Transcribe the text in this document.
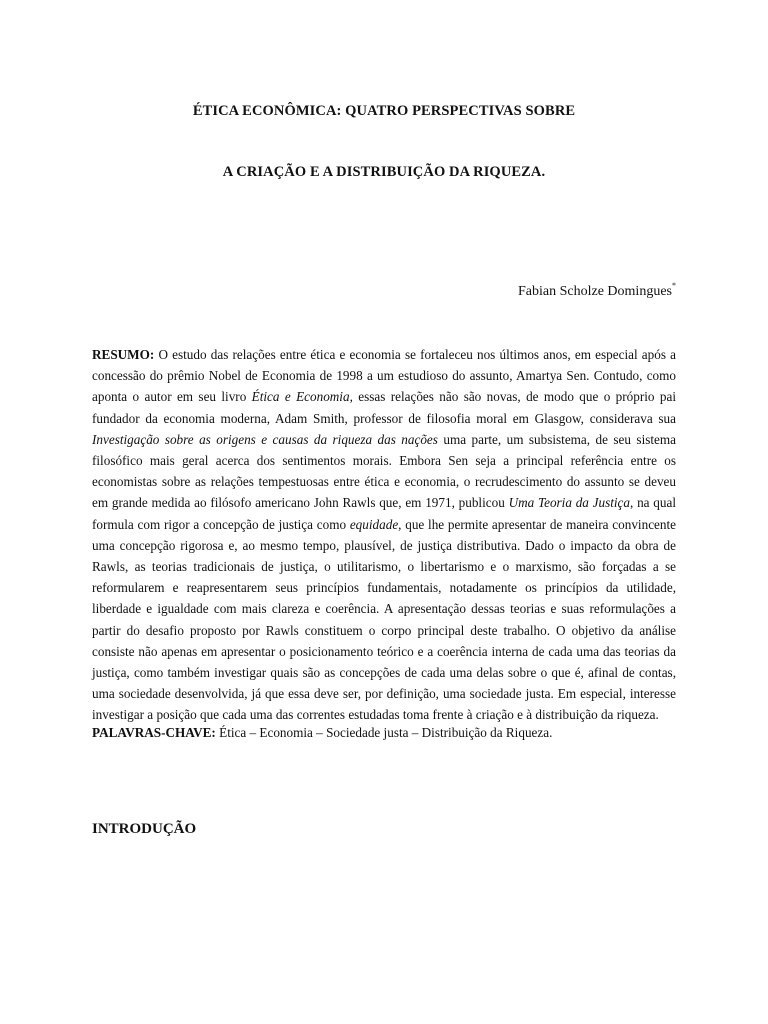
ÉTICA ECONÔMICA: QUATRO PERSPECTIVAS SOBRE
A CRIAÇÃO E A DISTRIBUIÇÃO DA RIQUEZA.
Fabian Scholze Domingues*

RESUMO: O estudo das relações entre ética e economia se fortaleceu nos últimos anos, em especial após a concessão do prêmio Nobel de Economia de 1998 a um estudioso do assunto, Amartya Sen. Contudo, como aponta o autor em seu livro Ética e Economia, essas relações não são novas, de modo que o próprio pai fundador da economia moderna, Adam Smith, professor de filosofia moral em Glasgow, considerava sua Investigação sobre as origens e causas da riqueza das nações uma parte, um subsistema, de seu sistema filosófico mais geral acerca dos sentimentos morais. Embora Sen seja a principal referência entre os economistas sobre as relações tempestuosas entre ética e economia, o recrudescimento do assunto se deveu em grande medida ao filósofo americano John Rawls que, em 1971, publicou Uma Teoria da Justiça, na qual formula com rigor a concepção de justiça como equidade, que lhe permite apresentar de maneira convincente uma concepção rigorosa e, ao mesmo tempo, plausível, de justiça distributiva. Dado o impacto da obra de Rawls, as teorias tradicionais de justiça, o utilitarismo, o libertarismo e o marxismo, são forçadas a se reformularem e reapresentarem seus princípios fundamentais, notadamente os princípios da utilidade, liberdade e igualdade com mais clareza e coerência. A apresentação dessas teorias e suas reformulações a partir do desafio proposto por Rawls constituem o corpo principal deste trabalho. O objetivo da análise consiste não apenas em apresentar o posicionamento teórico e a coerência interna de cada uma das teorias da justiça, como também investigar quais são as concepções de cada uma delas sobre o que é, afinal de contas, uma sociedade desenvolvida, já que essa deve ser, por definição, uma sociedade justa. Em especial, interesse investigar a posição que cada uma das correntes estudadas toma frente à criação e à distribuição da riqueza.

PALAVRAS-CHAVE: Ética – Economia – Sociedade justa – Distribuição da Riqueza.
INTRODUÇÃO
